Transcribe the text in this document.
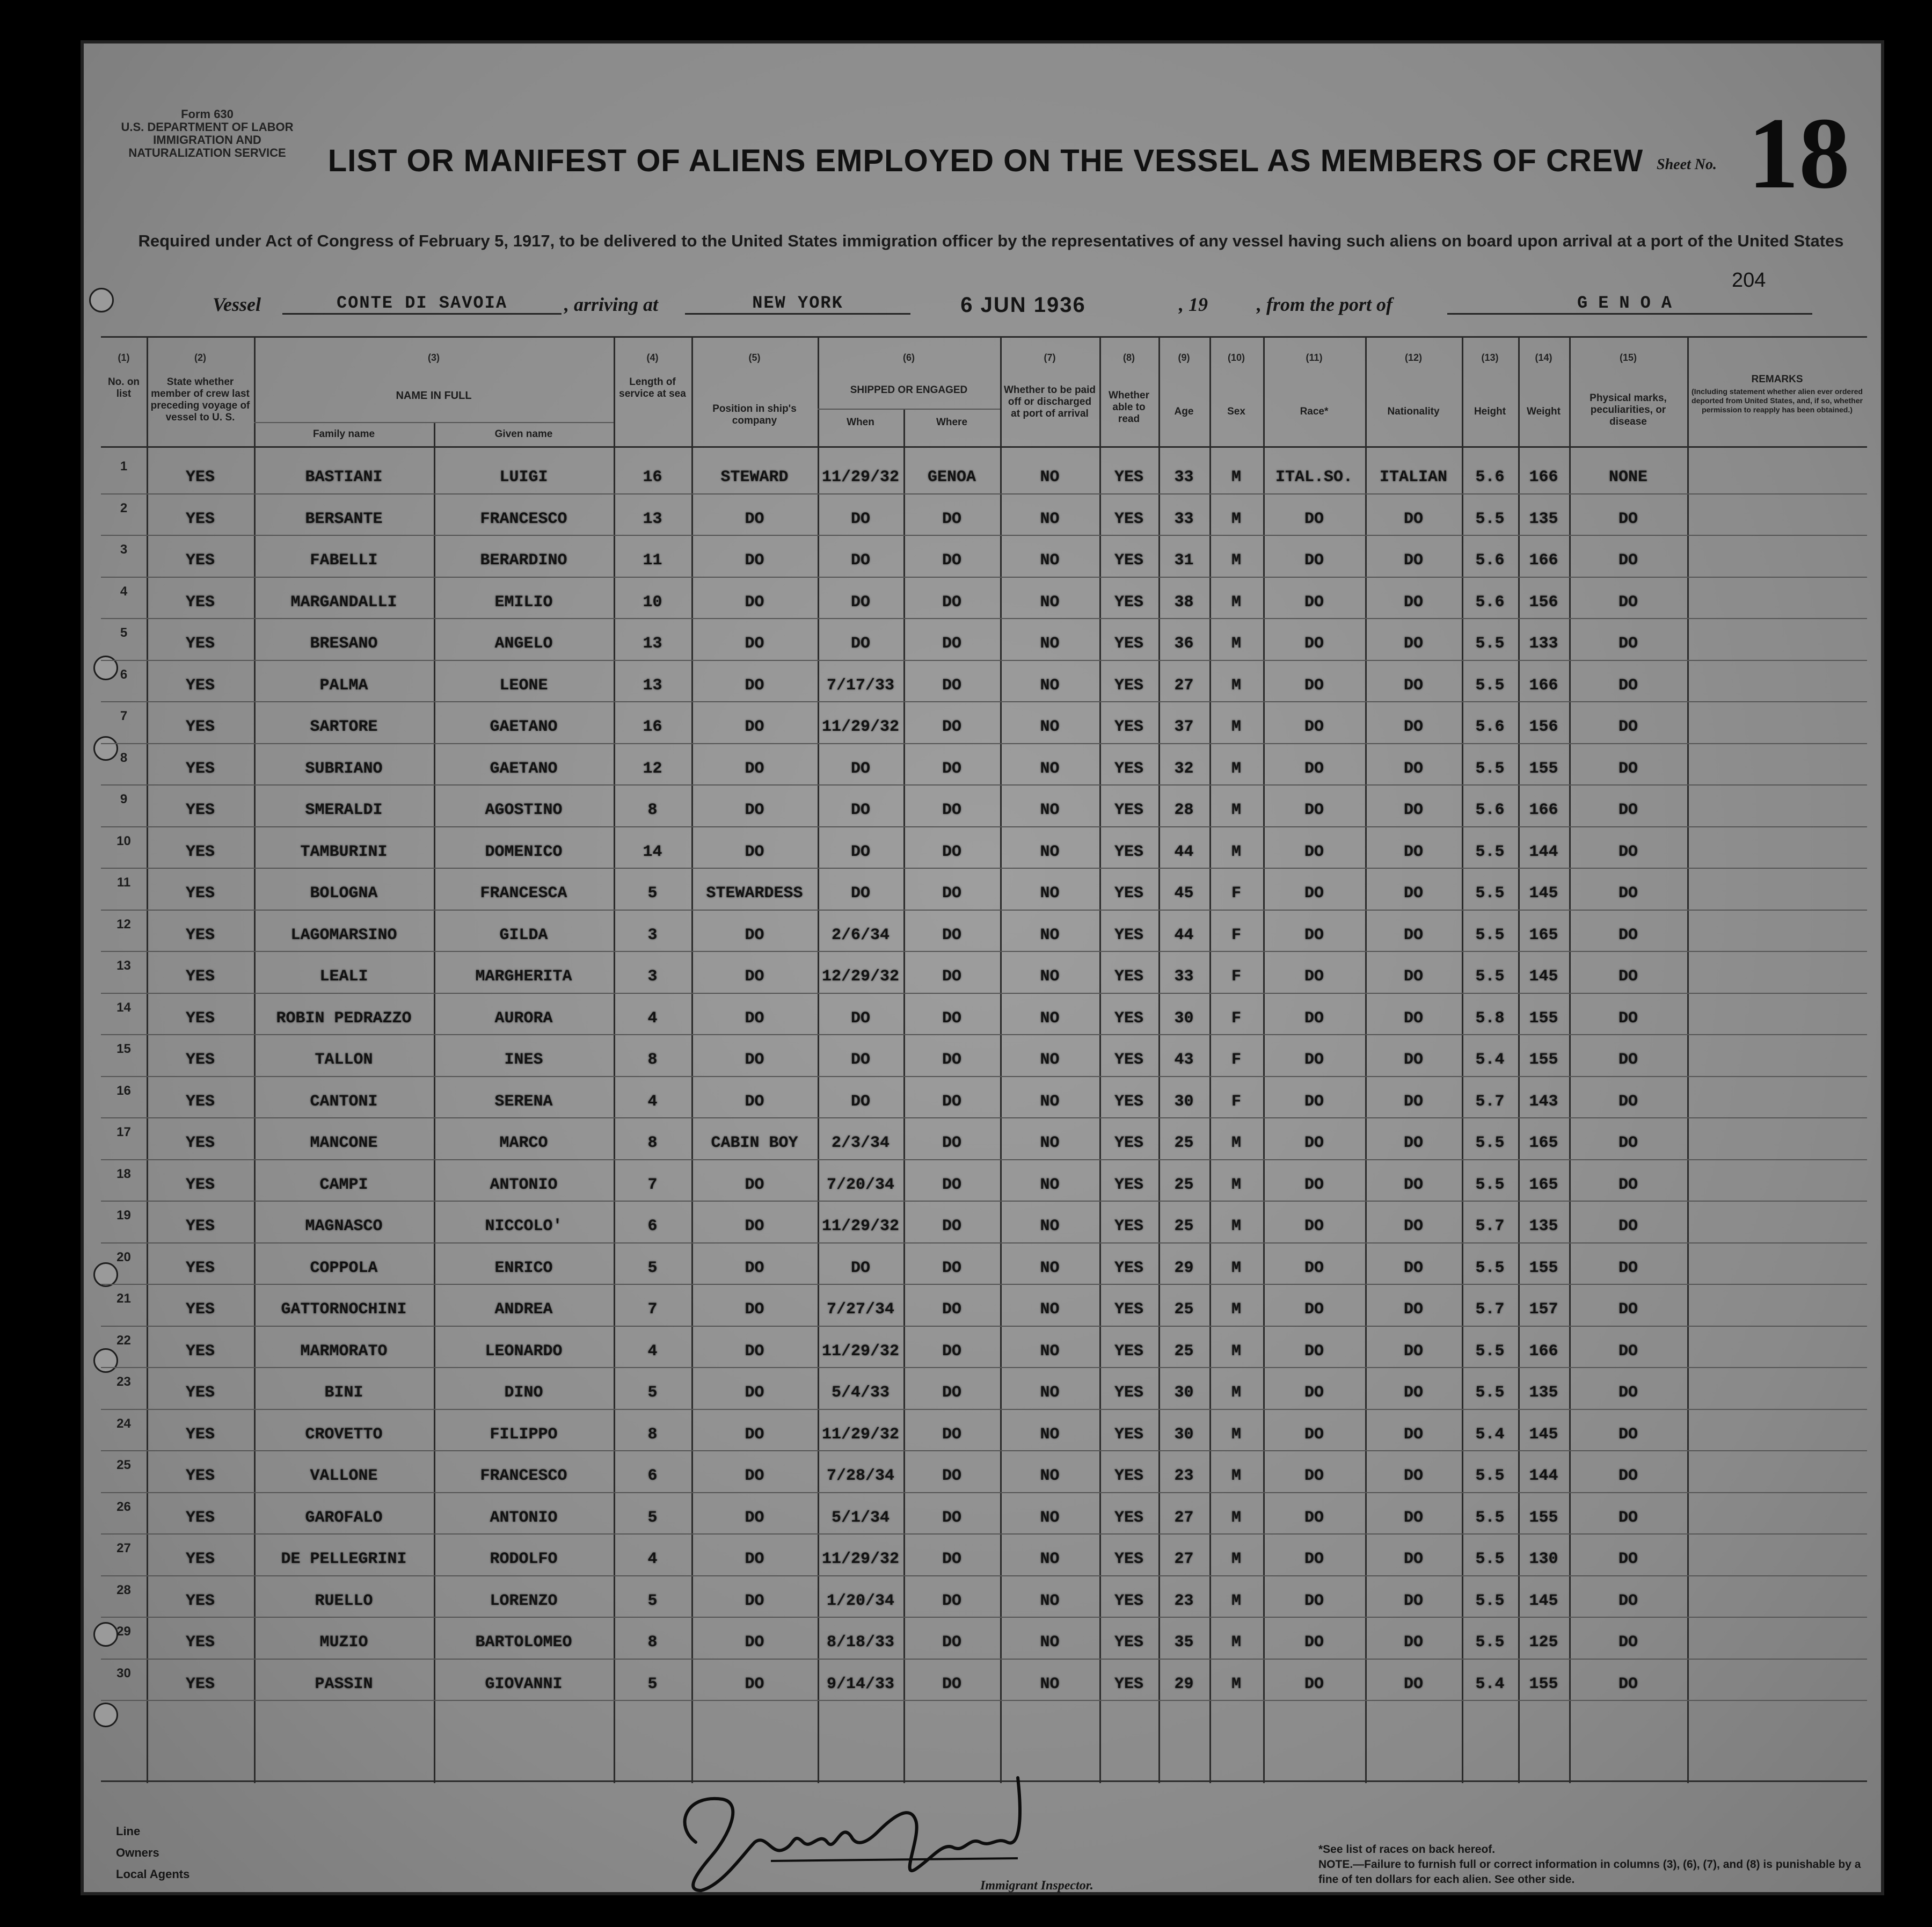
Form 630
U.S. DEPARTMENT OF LABOR
IMMIGRATION AND NATURALIZATION SERVICE	LIST OR MANIFEST OF ALIENS EMPLOYED ON THE VESSEL AS MEMBERS OF CREW
Required under Act of Congress of February 5, 1917, to be delivered to the United States immigration officer by the representatives of any vessel having such aliens on board upon arrival at a port of the United States
Sheet No. 18
204
Vessel	CONTE DI SAVOIA	, arriving at	NEW YORK	6 JUN 1936	, 19	, from the port of	GENOA
(1)
No. on list
(2)
State whether member of crew last preceding voyage of vessel to U. S.
(3)
NAME IN FULL
Family name	Given name
(4)
Length of service at sea
(5)
Position in ship's company
(6)
SHIPPED OR ENGAGED
When	Where
(7)
Whether to be paid off or discharged at port of arrival
(8)
Whether able to read
(9)
Age
(10)
Sex
(11)
Race*
(12)
Nationality
(13)
Height
(14)
Weight
(15)
Physical marks, peculiarities, or disease
REMARKS
(Including statement whether alien ever ordered deported from United States, and, if so, whether permission to reapply has been obtained.)
1
YES	BASTIANI	LUIGI	16	STEWARD	11/29/32	GENOA	NO	YES	33	M	ITAL.SO.	ITALIAN	5.6	166	NONE
2
YES	BERSANTE	FRANCESCO	13	DO	DO	DO	NO	YES	33	M	DO	DO	5.5	135	DO
3
YES	FABELLI	BERARDINO	11	DO	DO	DO	NO	YES	31	M	DO	DO	5.6	166	DO
4
YES	MARGANDALLI	EMILIO	10	DO	DO	DO	NO	YES	38	M	DO	DO	5.6	156	DO
5
YES	BRESANO	ANGELO	13	DO	DO	DO	NO	YES	36	M	DO	DO	5.5	133	DO
6
YES	PALMA	LEONE	13	DO	7/17/33	DO	NO	YES	27	M	DO	DO	5.5	166	DO
7
YES	SARTORE	GAETANO	16	DO	11/29/32	DO	NO	YES	37	M	DO	DO	5.6	156	DO
8
YES	SUBRIANO	GAETANO	12	DO	DO	DO	NO	YES	32	M	DO	DO	5.5	155	DO
9
YES	SMERALDI	AGOSTINO	8	DO	DO	DO	NO	YES	28	M	DO	DO	5.6	166	DO
10
YES	TAMBURINI	DOMENICO	14	DO	DO	DO	NO	YES	44	M	DO	DO	5.5	144	DO
11
YES	BOLOGNA	FRANCESCA	5	STEWARDESS	DO	DO	NO	YES	45	F	DO	DO	5.5	145	DO
12
YES	LAGOMARSINO	GILDA	3	DO	2/6/34	DO	NO	YES	44	F	DO	DO	5.5	165	DO
13
YES	LEALI	MARGHERITA	3	DO	12/29/32	DO	NO	YES	33	F	DO	DO	5.5	145	DO
14
YES	ROBIN PEDRAZZO	AURORA	4	DO	DO	DO	NO	YES	30	F	DO	DO	5.8	155	DO
15
YES	TALLON	INES	8	DO	DO	DO	NO	YES	43	F	DO	DO	5.4	155	DO
16
YES	CANTONI	SERENA	4	DO	DO	DO	NO	YES	30	F	DO	DO	5.7	143	DO
17
YES	MANCONE	MARCO	8	CABIN BOY	2/3/34	DO	NO	YES	25	M	DO	DO	5.5	165	DO
18
YES	CAMPI	ANTONIO	7	DO	7/20/34	DO	NO	YES	25	M	DO	DO	5.5	165	DO
19
YES	MAGNASCO	NICCOLO'	6	DO	11/29/32	DO	NO	YES	25	M	DO	DO	5.7	135	DO
20
YES	COPPOLA	ENRICO	5	DO	DO	DO	NO	YES	29	M	DO	DO	5.5	155	DO
21
YES	GATTORNOCHINI	ANDREA	7	DO	7/27/34	DO	NO	YES	25	M	DO	DO	5.7	157	DO
22
YES	MARMORATO	LEONARDO	4	DO	11/29/32	DO	NO	YES	25	M	DO	DO	5.5	166	DO
23
YES	BINI	DINO	5	DO	5/4/33	DO	NO	YES	30	M	DO	DO	5.5	135	DO
24
YES	CROVETTO	FILIPPO	8	DO	11/29/32	DO	NO	YES	30	M	DO	DO	5.4	145	DO
25
YES	VALLONE	FRANCESCO	6	DO	7/28/34	DO	NO	YES	23	M	DO	DO	5.5	144	DO
26
YES	GAROFALO	ANTONIO	5	DO	5/1/34	DO	NO	YES	27	M	DO	DO	5.5	155	DO
27
YES	DE PELLEGRINI	RODOLFO	4	DO	11/29/32	DO	NO	YES	27	M	DO	DO	5.5	130	DO
28
YES	RUELLO	LORENZO	5	DO	1/20/34	DO	NO	YES	23	M	DO	DO	5.5	145	DO
29
YES	MUZIO	BARTOLOMEO	8	DO	8/18/33	DO	NO	YES	35	M	DO	DO	5.5	125	DO
30
YES	PASSIN	GIOVANNI	5	DO	9/14/33	DO	NO	YES	29	M	DO	DO	5.4	155	DO
Line
Owners
Local Agents
Immigrant Inspector.
*See list of races on back hereof.
NOTE.—Failure to furnish full or correct information in columns (3), (6), (7), and (8) is punishable by a fine of ten dollars for each alien. See other side.
